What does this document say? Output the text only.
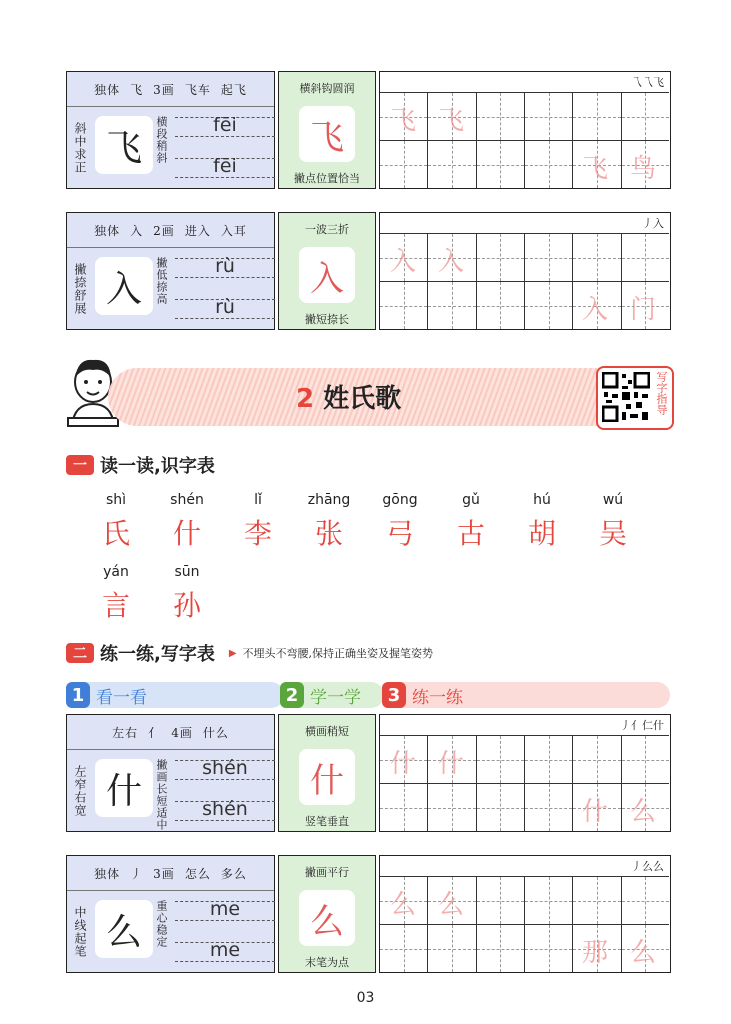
独体 飞 3画 飞车 起飞
斜中求正 飞	横段稍斜	fēi
fēi
横斜钩圆润
飞
撇点位置恰当
乁乁飞
飞 飞
飞 鸟
独体 入 2画 进入 入耳
撇捺舒展 入	撇低捺高	rù
rù
一波三折
入
撇短捺长
丿入
入 入
入 门
2 姓氏歌	写字指导
一 读一读,识字表
shì
氏
shén
什
lǐ
李
zhāng
张
gōng
弓
gǔ
古
hú
胡
wú
吴
yán
言
sūn
孙
二 练一练,写字表 ▶ 不埋头不弯腰,保持正确坐姿及握笔姿势
1 看一看	2 学一学	3 练一练
左右 亻 4画 什么
左窄右宽 什	撇画长短适中	shén
shén
横画稍短
什
竖笔垂直
丿亻仁什
什 什
什 么
独体 丿 3画 怎么 多么
中线起笔 么	重心稳定	me
me
撇画平行
么
末笔为点
丿么么
么 么
那 么
03
